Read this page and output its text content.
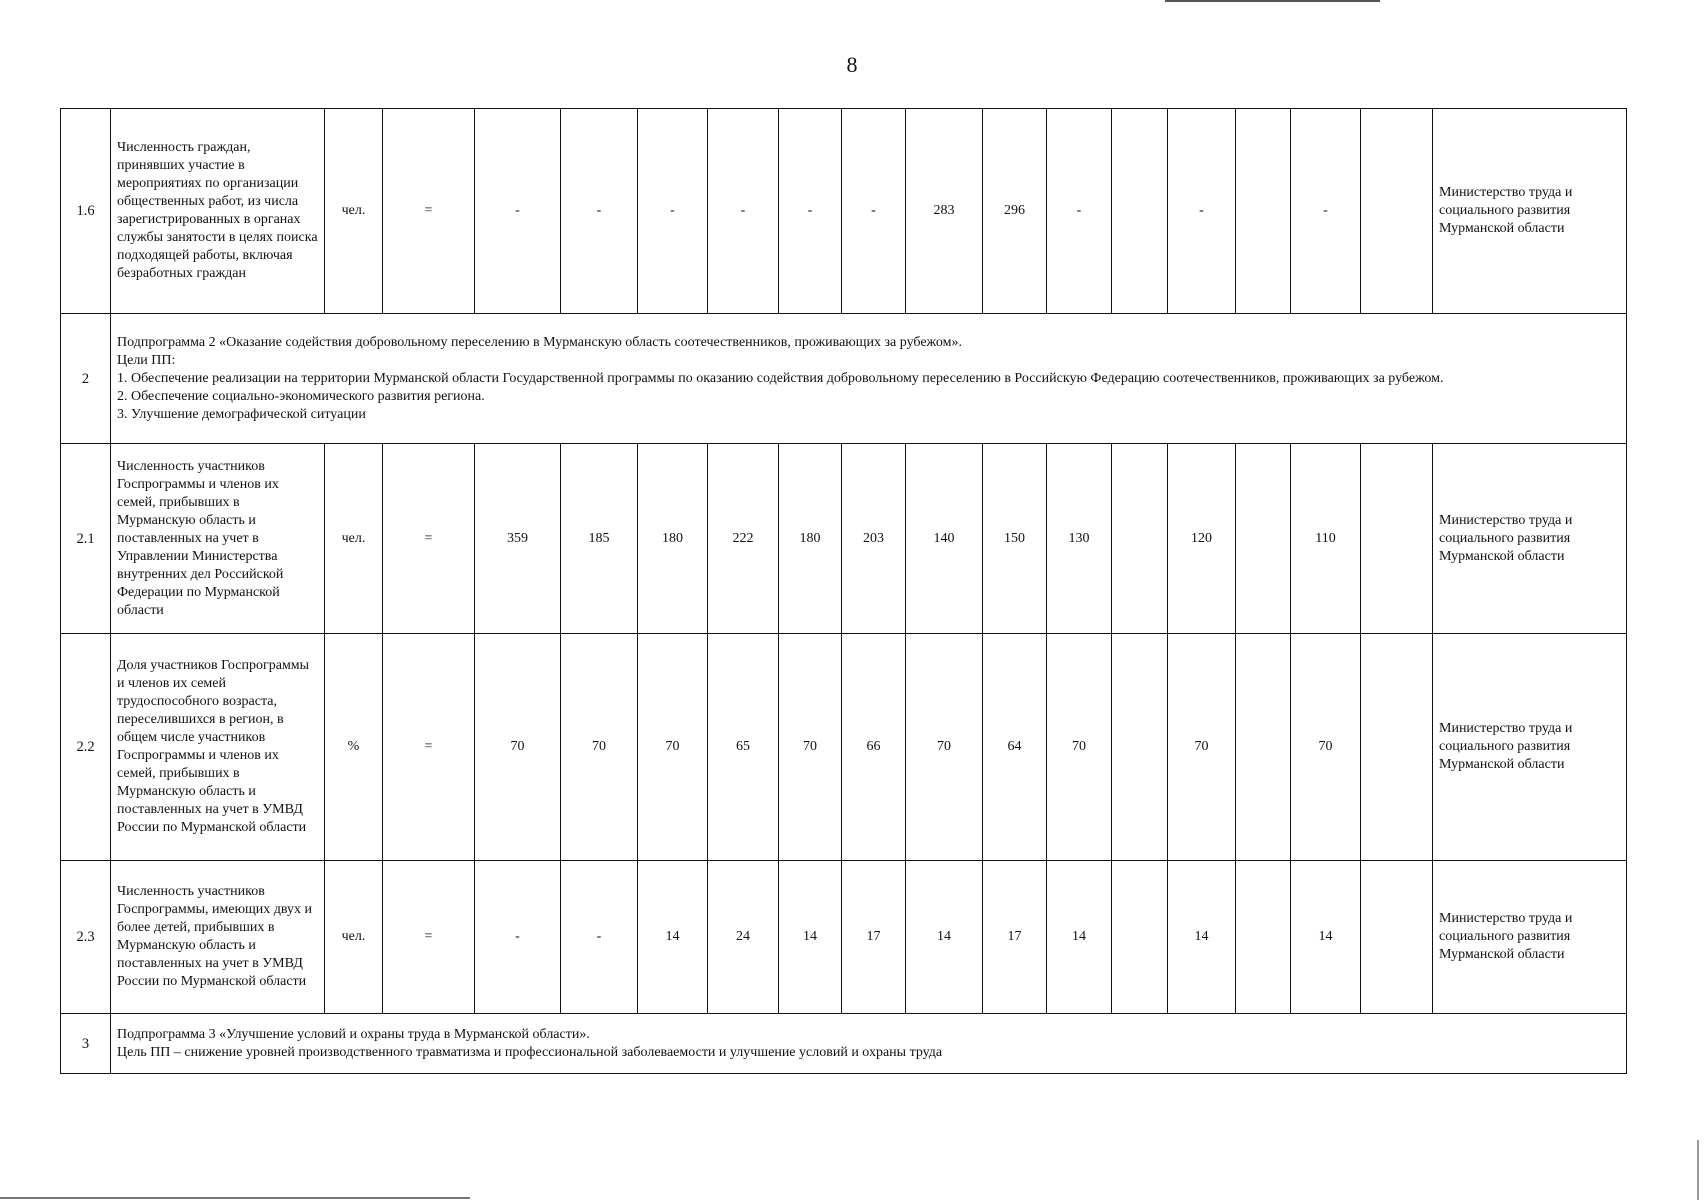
8
1.6	Численность граждан, принявших участие в мероприятиях по организации общественных работ, из числа зарегистрированных в органах службы занятости в целях поиска подходящей работы, включая безработных граждан	чел.	=	-	-	-	-	-	-	283	296	-		-		-		Министерство труда и социального развития Мурманской области
2	Подпрограмма 2 «Оказание содействия добровольному переселению в Мурманскую область соотечественников, проживающих за рубежом».
Цели ПП:
1. Обеспечение реализации на территории Мурманской области Государственной программы по оказанию содействия добровольному переселению в Российскую Федерацию соотечественников, проживающих за рубежом.
2. Обеспечение социально-экономического развития региона.
3. Улучшение демографической ситуации																	

2.1	Численность участников Госпрограммы и членов их семей, прибывших в Мурманскую область и поставленных на учет в Управлении Министерства внутренних дел Российской Федерации по Мурманской области	чел.	=	359	185	180	222	180	203	140	150	130		120		110		Министерство труда и социального развития Мурманской области
2.2	Доля участников Госпрограммы и членов их семей трудоспособного возраста, переселившихся в регион, в общем числе участников Госпрограммы и членов их семей, прибывших в Мурманскую область и поставленных на учет в УМВД России по Мурманской области	%	=	70	70	70	65	70	66	70	64	70		70		70		Министерство труда и социального развития Мурманской области
2.3	Численность участников Госпрограммы, имеющих двух и более детей, прибывших в Мурманскую область и поставленных на учет в УМВД России по Мурманской области	чел.	=	-	-	14	24	14	17	14	17	14		14		14		Министерство труда и социального развития Мурманской области
3	Подпрограмма 3 «Улучшение условий и охраны труда в Мурманской области».
Цель ПП – снижение уровней производственного травматизма и профессиональной заболеваемости и улучшение условий и охраны труда																	
